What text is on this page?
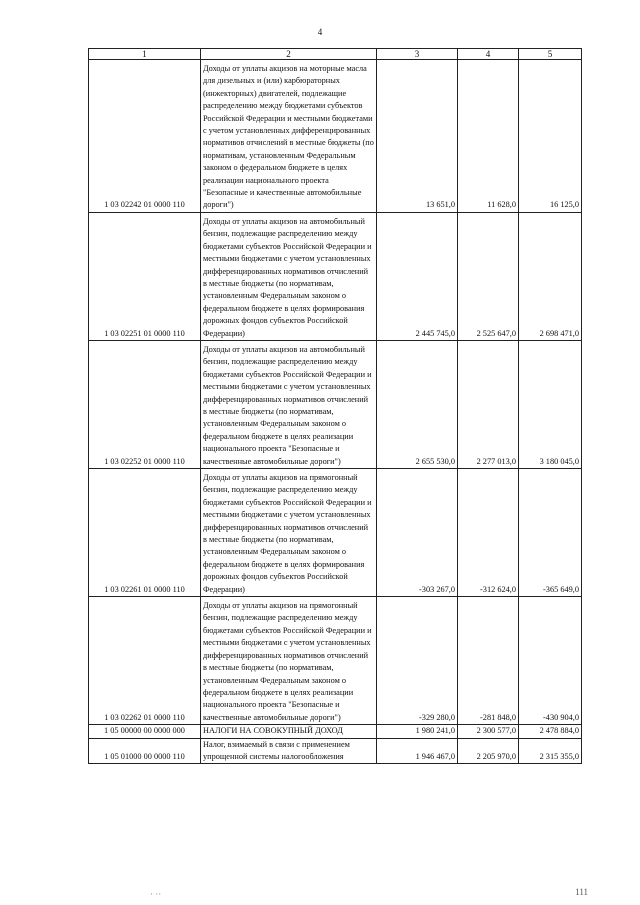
4
1	2	3	4	5
1 03 02242 01 0000 110	Доходы от уплаты акцизов на моторные масла для дизельных и (или) карбюраторных (инжекторных) двигателей, подлежащие распределению между бюджетами субъектов Российской Федерации и местными бюджетами с учетом установленных дифференцированных нормативов отчислений в местные бюджеты (по нормативам, установленным Федеральным законом о федеральном бюджете в целях реализации национального проекта "Безопасные и качественные автомобильные дороги")	13 651,0	11 628,0	16 125,0
1 03 02251 01 0000 110	Доходы от уплаты акцизов на автомобильный бензин, подлежащие распределению между бюджетами субъектов Российской Федерации и местными бюджетами с учетом установленных дифференцированных нормативов отчислений в местные бюджеты (по нормативам, установленным Федеральным законом о федеральном бюджете в целях формирования дорожных фондов субъектов Российской Федерации)	2 445 745,0	2 525 647,0	2 698 471,0
1 03 02252 01 0000 110	Доходы от уплаты акцизов на автомобильный бензин, подлежащие распределению между бюджетами субъектов Российской Федерации и местными бюджетами с учетом установленных дифференцированных нормативов отчислений в местные бюджеты (по нормативам, установленным Федеральным законом о федеральном бюджете в целях реализации национального проекта "Безопасные и качественные автомобильные дороги")	2 655 530,0	2 277 013,0	3 180 045,0
1 03 02261 01 0000 110	Доходы от уплаты акцизов на прямогонный бензин, подлежащие распределению между бюджетами субъектов Российской Федерации и местными бюджетами с учетом установленных дифференцированных нормативов отчислений в местные бюджеты (по нормативам, установленным Федеральным законом о федеральном бюджете в целях формирования дорожных фондов субъектов Российской Федерации)	-303 267,0	-312 624,0	-365 649,0
1 03 02262 01 0000 110	Доходы от уплаты акцизов на прямогонный бензин, подлежащие распределению между бюджетами субъектов Российской Федерации и местными бюджетами с учетом установленных дифференцированных нормативов отчислений в местные бюджеты (по нормативам, установленным Федеральным законом о федеральном бюджете в целях реализации национального проекта "Безопасные и качественные автомобильные дороги")	-329 280,0	-281 848,0	-430 904,0
1 05 00000 00 0000 000	НАЛОГИ НА СОВОКУПНЫЙ ДОХОД	1 980 241,0	2 300 577,0	2 478 884,0
1 05 01000 00 0000 110	Налог, взимаемый в связи с применением упрощенной системы налогообложения	1 946 467,0	2 205 970,0	2 315 355,0
· ··	111
